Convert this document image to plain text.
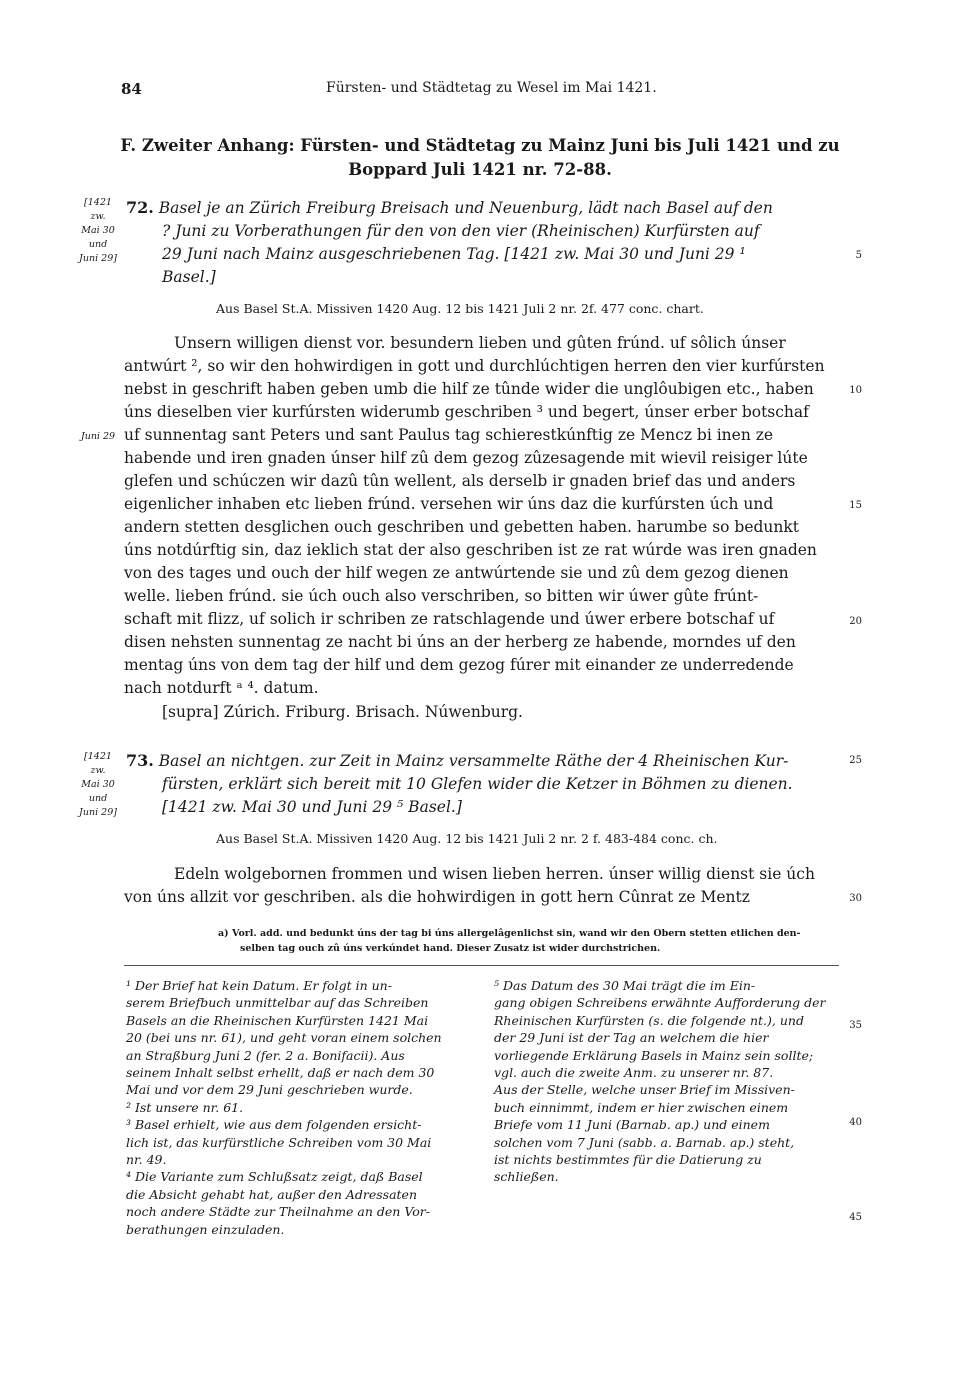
84	Fürsten- und Städtetag zu Wesel im Mai 1421.
F. Zweiter Anhang: Fürsten- und Städtetag zu Mainz Juni bis Juli 1421 und zu Boppard Juli 1421 nr. 72-88.
[1421
zw.
Mai 30
und
Juni 29]
72. Basel je an Zürich Freiburg Breisach und Neuenburg, lädt nach Basel auf den
? Juni zu Vorberathungen für den von den vier (Rheinischen) Kurfürsten auf
29 Juni nach Mainz ausgeschriebenen Tag. [1421 zw. Mai 30 und Juni 29 ¹
Basel.]
Aus Basel St.A. Missiven 1420 Aug. 12 bis 1421 Juli 2 nr. 2f. 477 conc. chart.
Unsern willigen dienst vor. besundern lieben und gûten frúnd. uf sôlich únser
antwúrt ², so wir den hohwirdigen in gott und durchlúchtigen herren den vier kurfúrsten
nebst in geschrift haben geben umb die hilf ze tûnde wider die unglôubigen etc., haben
úns dieselben vier kurfúrsten widerumb geschriben ³ und begert, únser erber botschaf
uf sunnentag sant Peters und sant Paulus tag schierestkúnftig ze Mencz bi inen ze
habende und iren gnaden únser hilf zû dem gezog zûzesagende mit wievil reisiger lúte
glefen und schúczen wir dazû tûn wellent, als derselb ir gnaden brief das und anders
eigenlicher inhaben etc lieben frúnd. versehen wir úns daz die kurfúrsten úch und
andern stetten desglichen ouch geschriben und gebetten haben. harumbe so bedunkt
úns notdúrftig sin, daz ieklich stat der also geschriben ist ze rat wúrde was iren gnaden
von des tages und ouch der hilf wegen ze antwúrtende sie und zû dem gezog dienen
welle. lieben frúnd. sie úch ouch also verschriben, so bitten wir úwer gûte frúnt-
schaft mit flizz, uf solich ir schriben ze ratschlagende und úwer erbere botschaf uf
disen nehsten sunnentag ze nacht bi úns an der herberg ze habende, morndes uf den
mentag úns von dem tag der hilf und dem gezog fúrer mit einander ze underredende
nach notdurft ᵃ ⁴. datum.
Juni 29
[supra] Zúrich. Friburg. Brisach. Núwenburg.
[1421
zw.
Mai 30
und
Juni 29]
73. Basel an nichtgen. zur Zeit in Mainz versammelte Räthe der 4 Rheinischen Kur-
fürsten, erklärt sich bereit mit 10 Glefen wider die Ketzer in Böhmen zu dienen.
[1421 zw. Mai 30 und Juni 29 ⁵ Basel.]
Aus Basel St.A. Missiven 1420 Aug. 12 bis 1421 Juli 2 nr. 2 f. 483-484 conc. ch.
Edeln wolgebornen frommen und wisen lieben herren. únser willig dienst sie úch
von úns allzit vor geschriben. als die hohwirdigen in gott hern Cûnrat ze Mentz
a) Vorl. add. und bedunkt úns der tag bi úns allergelâgenlichst sin, wand wir den Obern stetten etlichen den-
selben tag ouch zû úns verkúndet hand. Dieser Zusatz ist wider durchstrichen.

¹ Der Brief hat kein Datum. Er folgt in un-

serem Briefbuch unmittelbar auf das Schreiben

Basels an die Rheinischen Kurfürsten 1421 Mai

20 (bei uns nr. 61), und geht voran einem solchen

an Straßburg Juni 2 (fer. 2 a. Bonifacii). Aus

seinem Inhalt selbst erhellt, daß er nach dem 30

Mai und vor dem 29 Juni geschrieben wurde.

² Ist unsere nr. 61.

³ Basel erhielt, wie aus dem folgenden ersicht-

lich ist, das kurfürstliche Schreiben vom 30 Mai

nr. 49.

⁴ Die Variante zum Schlußsatz zeigt, daß Basel

die Absicht gehabt hat, außer den Adressaten

noch andere Städte zur Theilnahme an den Vor-

berathungen einzuladen.

⁵ Das Datum des 30 Mai trägt die im Ein-

gang obigen Schreibens erwähnte Aufforderung der

Rheinischen Kurfürsten (s. die folgende nt.), und

der 29 Juni ist der Tag an welchem die hier

vorliegende Erklärung Basels in Mainz sein sollte;

vgl. auch die zweite Anm. zu unserer nr. 87.

Aus der Stelle, welche unser Brief im Missiven-

buch einnimmt, indem er hier zwischen einem

Briefe vom 11 Juni (Barnab. ap.) und einem

solchen vom 7 Juni (sabb. a. Barnab. ap.) steht,

ist nichts bestimmtes für die Datierung zu

schließen.

5
10
15
20
25
30
35
40
45
